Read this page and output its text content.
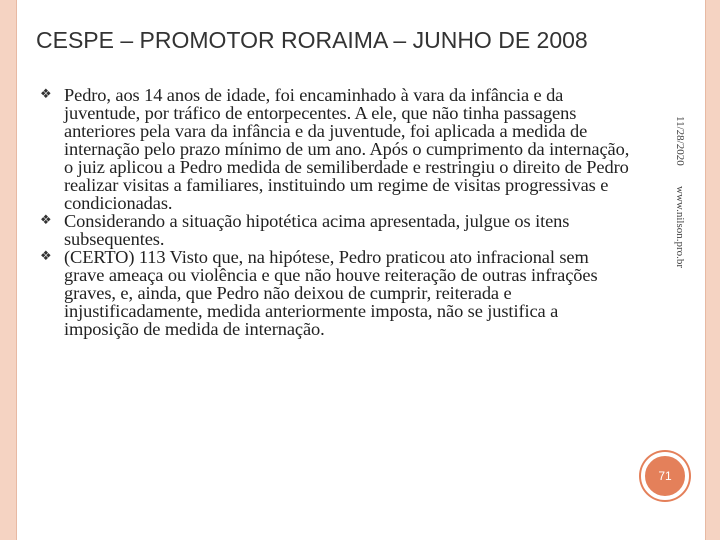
CESPE – PROMOTOR RORAIMA – JUNHO DE 2008
❖ Pedro, aos 14 anos de idade, foi encaminhado à vara da infância e da juventude, por tráfico de entorpecentes. A ele, que não tinha passagens anteriores pela vara da infância e da juventude, foi aplicada a medida de internação pelo prazo mínimo de um ano. Após o cumprimento da internação, o juiz aplicou a Pedro medida de semiliberdade e restringiu o direito de Pedro realizar visitas a familiares, instituindo um regime de visitas progressivas e condicionadas.
❖ Considerando a situação hipotética acima apresentada, julgue os itens subsequentes.
❖ (CERTO) 113 Visto que, na hipótese, Pedro praticou ato infracional sem grave ameaça ou violência e que não houve reiteração de outras infrações graves, e, ainda, que Pedro não deixou de cumprir, reiterada e injustificadamente, medida anteriormente imposta, não se justifica a imposição de medida de internação.
11/28/2020
www.nilson.pro.br
71
